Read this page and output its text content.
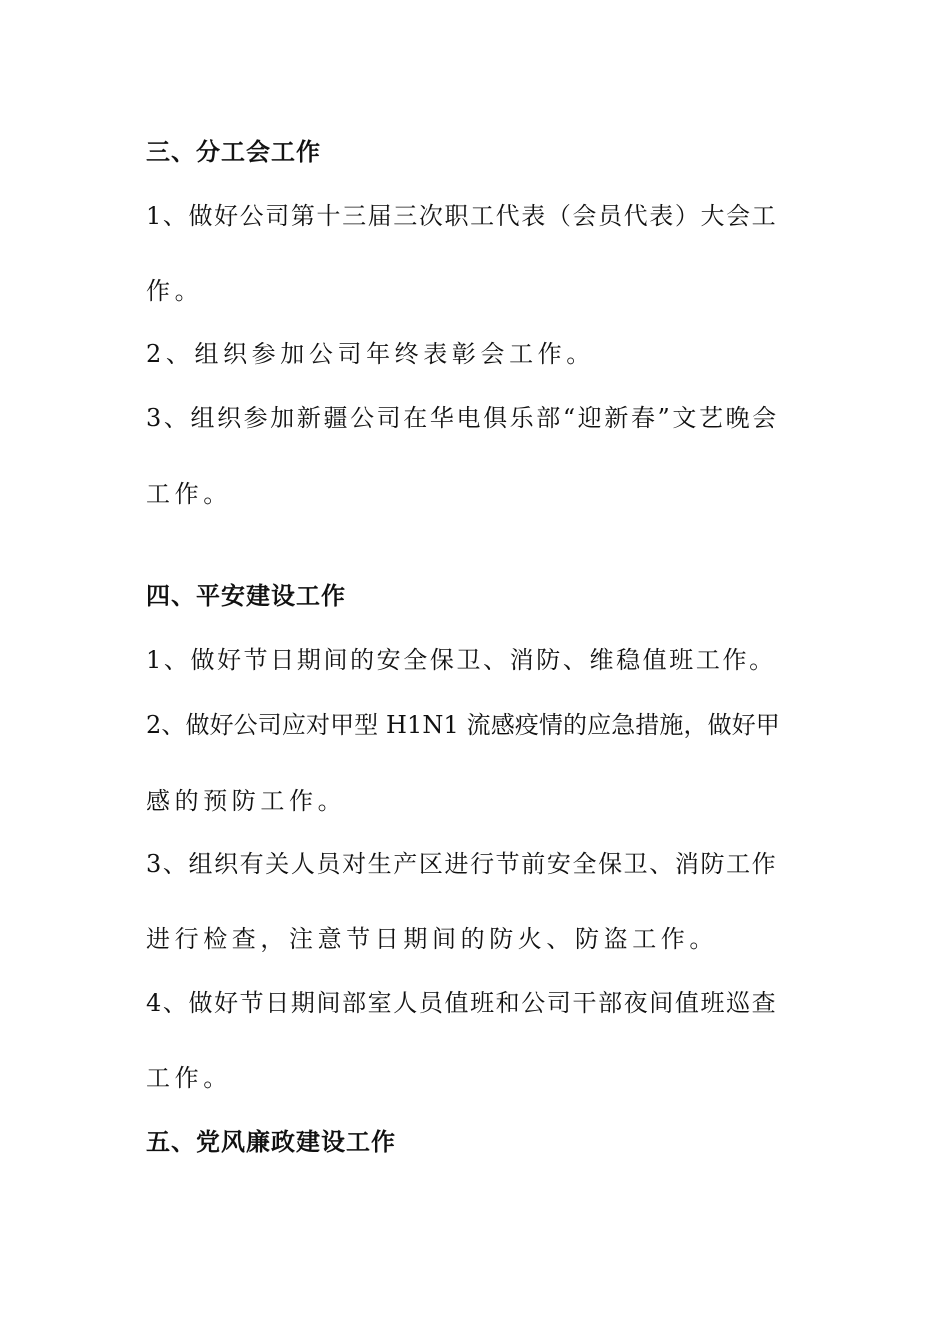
三、分工会工作
1、做好公司第十三届三次职工代表（会员代表）大会工
作。
2、组织参加公司年终表彰会工作。
3、组织参加新疆公司在华电俱乐部“迎新春”文艺晚会
工作。
四、平安建设工作
1、做好节日期间的安全保卫、消防、维稳值班工作。
2、做好公司应对甲型 H1N1 流感疫情的应急措施，做好甲
感的预防工作。
3、组织有关人员对生产区进行节前安全保卫、消防工作
进行检查，注意节日期间的防火、防盗工作。
4、做好节日期间部室人员值班和公司干部夜间值班巡查
工作。
五、党风廉政建设工作
